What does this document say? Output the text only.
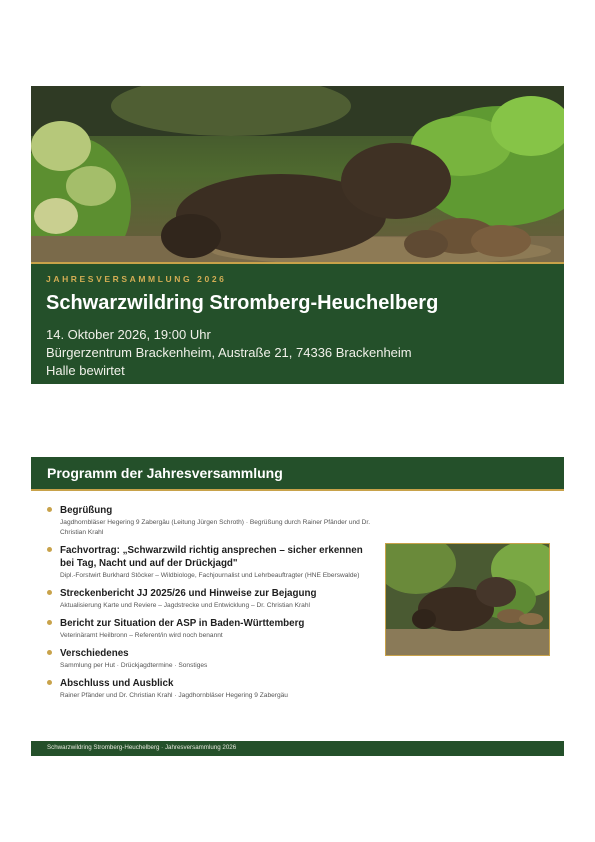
JAHRESVERSAMMLUNG 2026
Schwarzwildring Stromberg-Heuchelberg
14. Oktober 2026, 19:00 Uhr
Bürgerzentrum Brackenheim, Austraße 21, 74336 Brackenheim
Halle bewirtet
Programm der Jahresversammlung
Begrüßung
Jagdhornbläser Hegering 9 Zabergäu (Leitung Jürgen Schroth) · Begrüßung durch Rainer Pfänder und Dr. Christian Krahl
Fachvortrag: „Schwarzwild richtig ansprechen – sicher erkennen bei Tag, Nacht und auf der Drückjagd"
Dipl.-Forstwirt Burkhard Stöcker – Wildbiologe, Fachjournalist und Lehrbeauftragter (HNE Eberswalde)
Streckenbericht JJ 2025/26 und Hinweise zur Bejagung
Aktualisierung Karte und Reviere – Jagdstrecke und Entwicklung – Dr. Christian Krahl
Bericht zur Situation der ASP in Baden-Württemberg
Veterinäramt Heilbronn – Referent/in wird noch benannt
Verschiedenes
Sammlung per Hut · Drückjagdtermine · Sonstiges
Abschluss und Ausblick
Rainer Pfänder und Dr. Christian Krahl · Jagdhornbläser Hegering 9 Zabergäu
Schwarzwildring Stromberg-Heuchelberg · Jahresversammlung 2026
